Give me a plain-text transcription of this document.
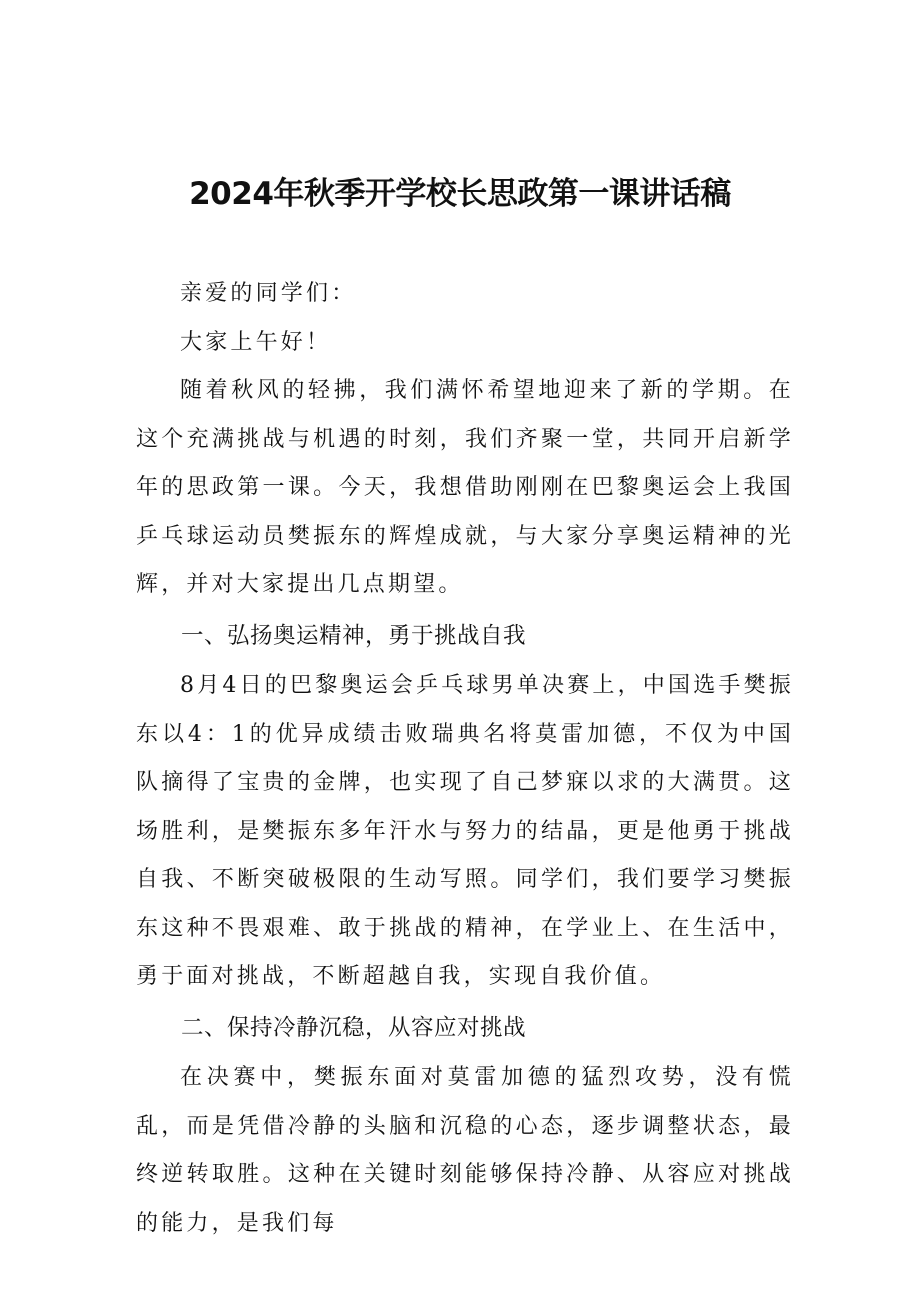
2024年秋季开学校长思政第一课讲话稿

亲爱的同学们：

大家上午好！

随着秋风的轻拂，我们满怀希望地迎来了新的学期。在这个充满挑战与机遇的时刻，我们齐聚一堂，共同开启新学年的思政第一课。今天，我想借助刚刚在巴黎奥运会上我国乒乓球运动员樊振东的辉煌成就，与大家分享奥运精神的光辉，并对大家提出几点期望。

一、弘扬奥运精神，勇于挑战自我

8月4日的巴黎奥运会乒乓球男单决赛上，中国选手樊振东以4：1的优异成绩击败瑞典名将莫雷加德，不仅为中国队摘得了宝贵的金牌，也实现了自己梦寐以求的大满贯。这场胜利，是樊振东多年汗水与努力的结晶，更是他勇于挑战自我、不断突破极限的生动写照。同学们，我们要学习樊振东这种不畏艰难、敢于挑战的精神，在学业上、在生活中，勇于面对挑战，不断超越自我，实现自我价值。

二、保持冷静沉稳，从容应对挑战

在决赛中，樊振东面对莫雷加德的猛烈攻势，没有慌乱，而是凭借冷静的头脑和沉稳的心态，逐步调整状态，最终逆转取胜。这种在关键时刻能够保持冷静、从容应对挑战的能力，是我们每
